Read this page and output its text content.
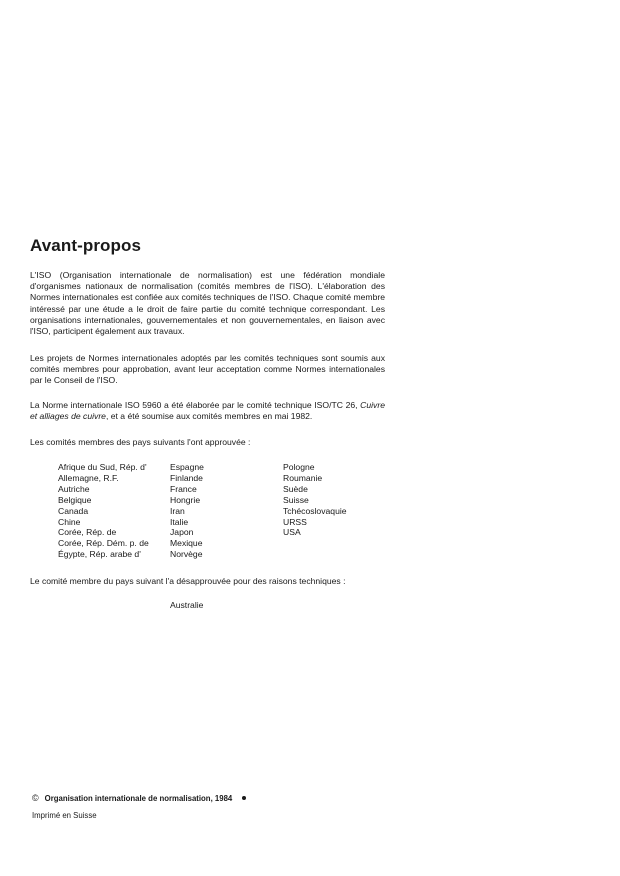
Avant-propos

L'ISO (Organisation internationale de normalisation) est une fédération mondiale d'organismes nationaux de normalisation (comités membres de l'ISO). L'élaboration des Normes internationales est confiée aux comités techniques de l'ISO. Chaque comité membre intéressé par une étude a le droit de faire partie du comité technique correspondant. Les organisations internationales, gouvernementales et non gouvernementales, en liaison avec l'ISO, participent également aux travaux.

Les projets de Normes internationales adoptés par les comités techniques sont soumis aux comités membres pour approbation, avant leur acceptation comme Normes internationales par le Conseil de l'ISO.

La Norme internationale ISO 5960 a été élaborée par le comité technique ISO/TC 26, Cuivre et alliages de cuivre, et a été soumise aux comités membres en mai 1982.

Les comités membres des pays suivants l'ont approuvée :

Afrique du Sud, Rép. d'
Allemagne, R.F.
Autriche
Belgique
Canada
Chine
Corée, Rép. de
Corée, Rép. Dém. p. de
Égypte, Rép. arabe d'
Espagne
Finlande
France
Hongrie
Iran
Italie
Japon
Mexique
Norvège
Pologne
Roumanie
Suède
Suisse
Tchécoslovaquie
URSS
USA

Le comité membre du pays suivant l'a désapprouvée pour des raisons techniques :

Australie

© Organisation internationale de normalisation, 1984

Imprimé en Suisse
